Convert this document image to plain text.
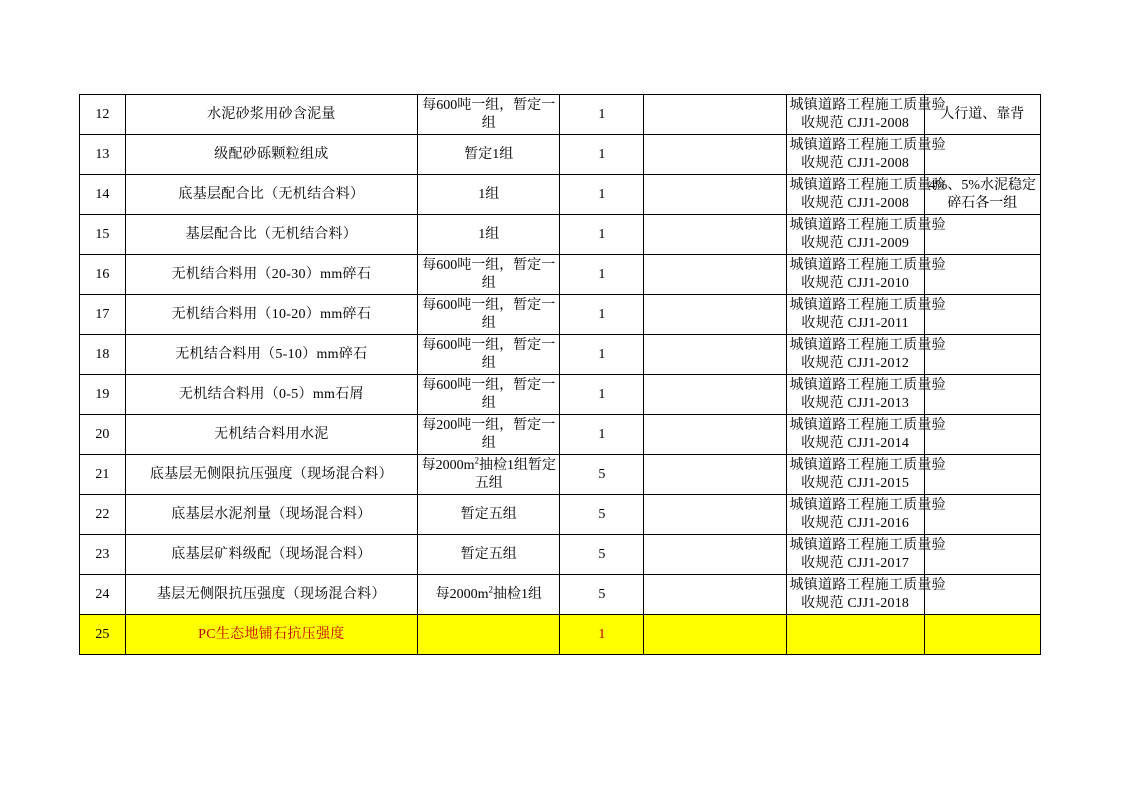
12	水泥砂浆用砂含泥量	每600吨一组，暂定一组	1		城镇道路工程施工质量验
收规范 CJJ1-2008	人行道、靠背
13	级配砂砾颗粒组成	暂定1组	1		城镇道路工程施工质量验
收规范 CJJ1-2008	

14	底基层配合比（无机结合料）	1组	1		城镇道路工程施工质量验
收规范 CJJ1-2008	4%、5%水泥稳定碎石各一组
15	基层配合比（无机结合料）	1组	1		城镇道路工程施工质量验
收规范 CJJ1-2009	

16	无机结合料用（20-30）mm碎石	每600吨一组，暂定一组	1		城镇道路工程施工质量验
收规范 CJJ1-2010	

17	无机结合料用（10-20）mm碎石	每600吨一组，暂定一组	1		城镇道路工程施工质量验
收规范 CJJ1-2011	

18	无机结合料用（5-10）mm碎石	每600吨一组，暂定一组	1		城镇道路工程施工质量验
收规范 CJJ1-2012	

19	无机结合料用（0-5）mm石屑	每600吨一组，暂定一组	1		城镇道路工程施工质量验
收规范 CJJ1-2013	

20	无机结合料用水泥	每200吨一组，暂定一组	1		城镇道路工程施工质量验
收规范 CJJ1-2014	

21	底基层无侧限抗压强度（现场混合料）	每$2000m^2$抽检1组暂定五组	5		城镇道路工程施工质量验
收规范 CJJ1-2015	

22	底基层水泥剂量（现场混合料）	暂定五组	5		城镇道路工程施工质量验
收规范 CJJ1-2016	

23	底基层矿料级配（现场混合料）	暂定五组	5		城镇道路工程施工质量验
收规范 CJJ1-2017	

24	基层无侧限抗压强度（现场混合料）	每$2000m^2$抽检1组	5		城镇道路工程施工质量验
收规范 CJJ1-2018	

25	PC生态地铺石抗压强度		1		
